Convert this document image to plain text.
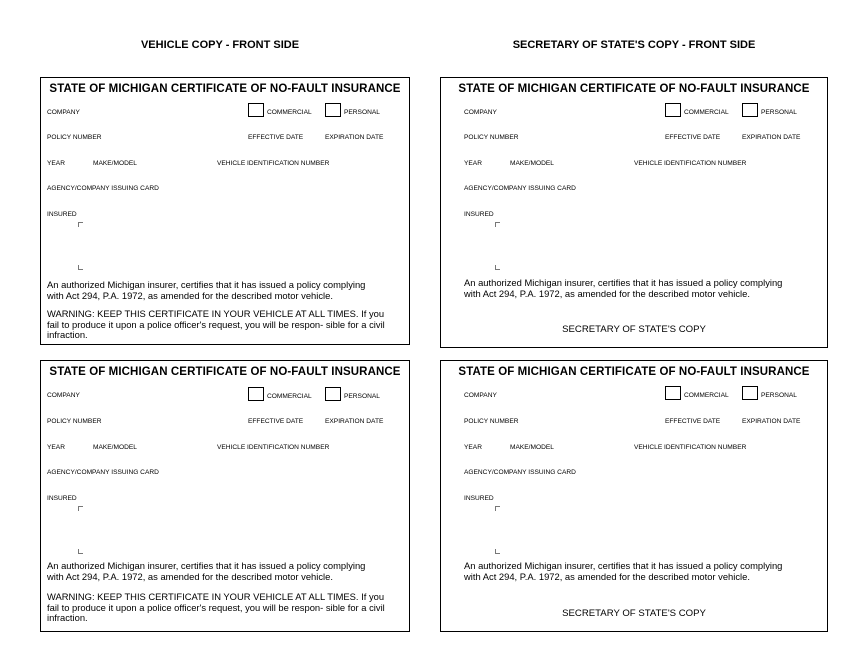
VEHICLE COPY - FRONT SIDE	SECRETARY OF STATE'S COPY - FRONT SIDE
STATE OF MICHIGAN CERTIFICATE OF NO-FAULT INSURANCE
COMPANY	COMMERCIAL	PERSONAL
POLICY NUMBER	EFFECTIVE DATE	EXPIRATION DATE
YEAR	MAKE/MODEL	VEHICLE IDENTIFICATION NUMBER
AGENCY/COMPANY ISSUING CARD
INSURED
An authorized Michigan insurer, certifies that it has issued a policy complying
with Act 294, P.A. 1972, as amended for the described motor vehicle.
WARNING: KEEP THIS CERTIFICATE IN YOUR VEHICLE AT ALL TIMES. If you fail to produce it upon a police officer's request, you will be respon- sible for a civil infraction.
STATE OF MICHIGAN CERTIFICATE OF NO-FAULT INSURANCE
COMPANY	COMMERCIAL	PERSONAL
POLICY NUMBER	EFFECTIVE DATE	EXPIRATION DATE
YEAR	MAKE/MODEL	VEHICLE IDENTIFICATION NUMBER
AGENCY/COMPANY ISSUING CARD
INSURED
An authorized Michigan insurer, certifies that it has issued a policy complying
with Act 294, P.A. 1972, as amended for the described motor vehicle.
SECRETARY OF STATE'S COPY
STATE OF MICHIGAN CERTIFICATE OF NO-FAULT INSURANCE
COMPANY	COMMERCIAL	PERSONAL
POLICY NUMBER	EFFECTIVE DATE	EXPIRATION DATE
YEAR	MAKE/MODEL	VEHICLE IDENTIFICATION NUMBER
AGENCY/COMPANY ISSUING CARD
INSURED
An authorized Michigan insurer, certifies that it has issued a policy complying
with Act 294, P.A. 1972, as amended for the described motor vehicle.
WARNING: KEEP THIS CERTIFICATE IN YOUR VEHICLE AT ALL TIMES. If you fail to produce it upon a police officer's request, you will be respon- sible for a civil infraction.
STATE OF MICHIGAN CERTIFICATE OF NO-FAULT INSURANCE
COMPANY	COMMERCIAL	PERSONAL
POLICY NUMBER	EFFECTIVE DATE	EXPIRATION DATE
YEAR	MAKE/MODEL	VEHICLE IDENTIFICATION NUMBER
AGENCY/COMPANY ISSUING CARD
INSURED
An authorized Michigan insurer, certifies that it has issued a policy complying
with Act 294, P.A. 1972, as amended for the described motor vehicle.
SECRETARY OF STATE'S COPY
